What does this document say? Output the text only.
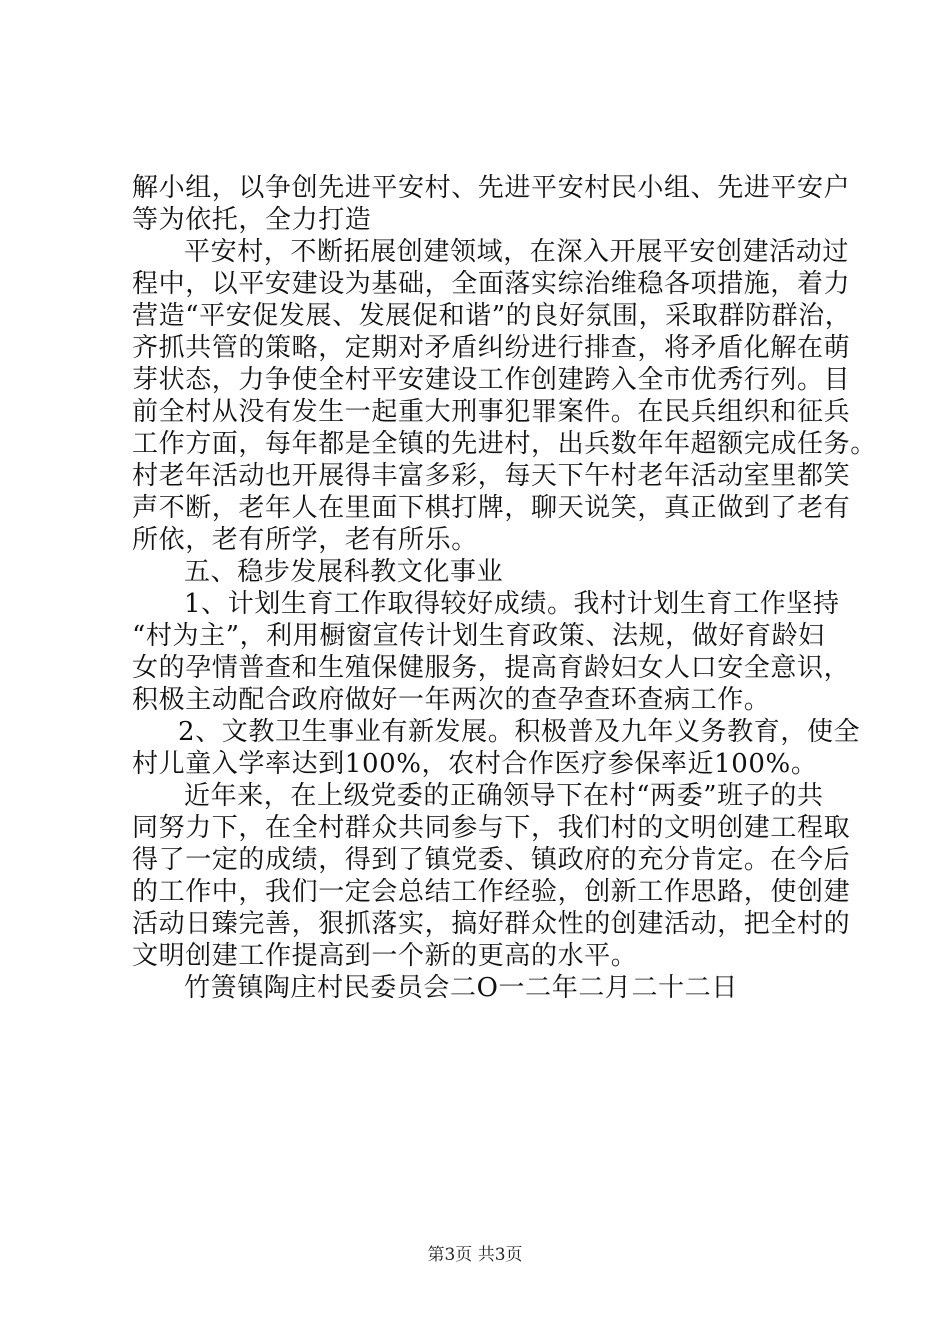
解小组，以争创先进平安村、先进平安村民小组、先进平安户
等为依托，全力打造
平安村，不断拓展创建领域，在深入开展平安创建活动过
程中，以平安建设为基础，全面落实综治维稳各项措施，着力
营造“平安促发展、发展促和谐”的良好氛围，采取群防群治，
齐抓共管的策略，定期对矛盾纠纷进行排查，将矛盾化解在萌
芽状态，力争使全村平安建设工作创建跨入全市优秀行列。目
前全村从没有发生一起重大刑事犯罪案件。在民兵组织和征兵
工作方面，每年都是全镇的先进村，出兵数年年超额完成任务。
村老年活动也开展得丰富多彩，每天下午村老年活动室里都笑
声不断，老年人在里面下棋打牌，聊天说笑，真正做到了老有
所依，老有所学，老有所乐。
五、稳步发展科教文化事业
1、计划生育工作取得较好成绩。我村计划生育工作坚持
“村为主”，利用橱窗宣传计划生育政策、法规，做好育龄妇
女的孕情普查和生殖保健服务，提高育龄妇女人口安全意识，
积极主动配合政府做好一年两次的查孕查环查病工作。
2、文教卫生事业有新发展。积极普及九年义务教育，使全
村儿童入学率达到100%，农村合作医疗参保率近100%。
近年来，在上级党委的正确领导下在村“两委”班子的共
同努力下，在全村群众共同参与下，我们村的文明创建工程取
得了一定的成绩，得到了镇党委、镇政府的充分肯定。在今后
的工作中，我们一定会总结工作经验，创新工作思路，使创建
活动日臻完善，狠抓落实，搞好群众性的创建活动，把全村的
文明创建工作提高到一个新的更高的水平。
竹箦镇陶庄村民委员会二O一二年二月二十二日
第3页 共3页
